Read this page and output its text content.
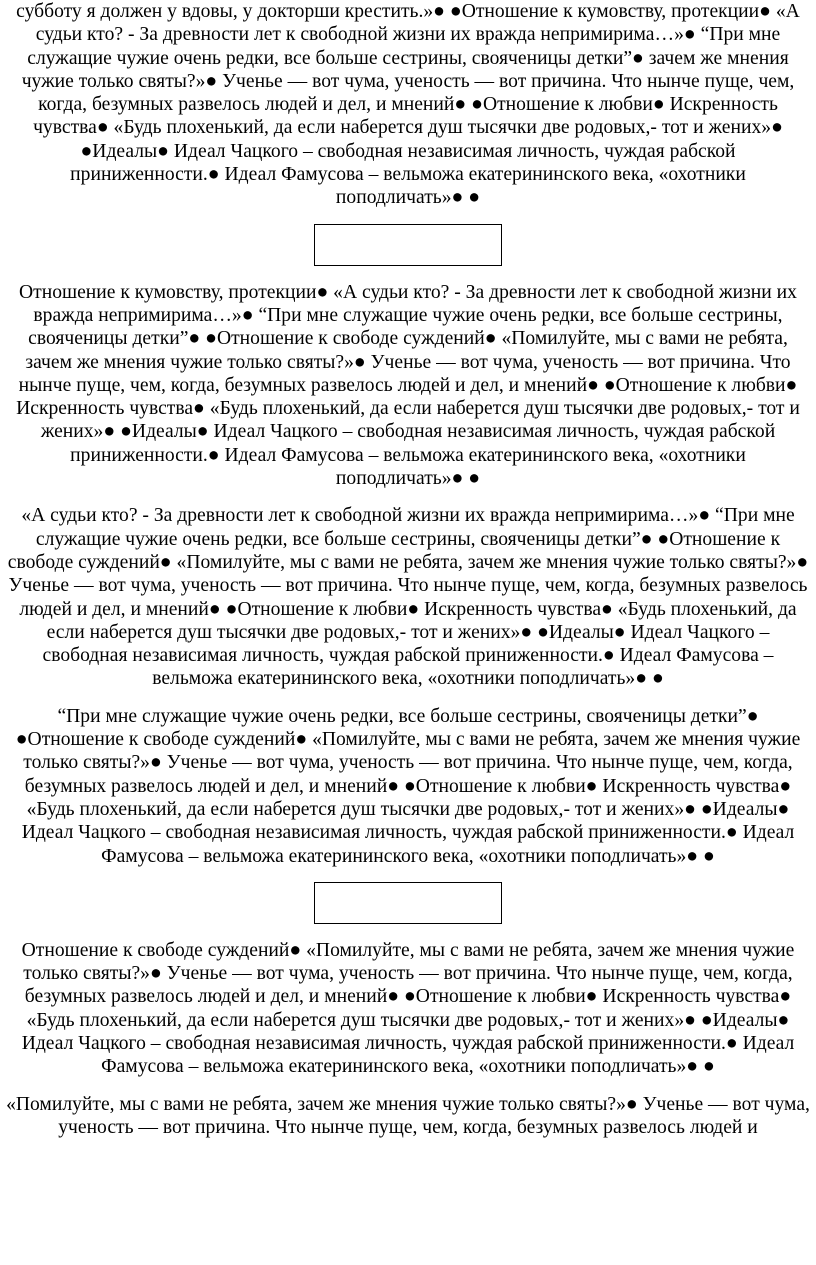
субботу я должен у вдовы, у докторши крестить.»● ●Отношение к кумовству, протекции● «А судьи кто? - За древности лет к свободной жизни их вражда непримирима…»● “При мне служащие чужие очень редки, все больше сестрины, свояченицы детки”● зачем же мнения чужие только святы?»● Ученье — вот чума, ученость — вот причина. Что нынче пуще, чем, когда, безумных развелось людей и дел, и мнений● ●Отношение к любви● Искренность чувства● «Будь плохенький, да если наберется душ тысячки две родовых,- тот и жених»● ●Идеалы● Идеал Чацкого – свободная независимая личность, чуждая рабской приниженности.● Идеал Фамусова – вельможа екатерининского века, «охотники поподличать»● ●

Отношение к кумовству, протекции● «А судьи кто? - За древности лет к свободной жизни их вражда непримирима…»● “При мне служащие чужие очень редки, все больше сестрины, свояченицы детки”● ●Отношение к свободе суждений● «Помилуйте, мы с вами не ребята, зачем же мнения чужие только святы?»● Ученье — вот чума, ученость — вот причина. Что нынче пуще, чем, когда, безумных развелось людей и дел, и мнений● ●Отношение к любви● Искренность чувства● «Будь плохенький, да если наберется душ тысячки две родовых,- тот и жених»● ●Идеалы● Идеал Чацкого – свободная независимая личность, чуждая рабской приниженности.● Идеал Фамусова – вельможа екатерининского века, «охотники поподличать»● ●

«А судьи кто? - За древности лет к свободной жизни их вражда непримирима…»● “При мне служащие чужие очень редки, все больше сестрины, свояченицы детки”● ●Отношение к свободе суждений● «Помилуйте, мы с вами не ребята, зачем же мнения чужие только святы?»● Ученье — вот чума, ученость — вот причина. Что нынче пуще, чем, когда, безумных развелось людей и дел, и мнений● ●Отношение к любви● Искренность чувства● «Будь плохенький, да если наберется душ тысячки две родовых,- тот и жених»● ●Идеалы● Идеал Чацкого – свободная независимая личность, чуждая рабской приниженности.● Идеал Фамусова – вельможа екатерининского века, «охотники поподличать»● ●

“При мне служащие чужие очень редки, все больше сестрины, свояченицы детки”● ●Отношение к свободе суждений● «Помилуйте, мы с вами не ребята, зачем же мнения чужие только святы?»● Ученье — вот чума, ученость — вот причина. Что нынче пуще, чем, когда, безумных развелось людей и дел, и мнений● ●Отношение к любви● Искренность чувства● «Будь плохенький, да если наберется душ тысячки две родовых,- тот и жених»● ●Идеалы● Идеал Чацкого – свободная независимая личность, чуждая рабской приниженности.● Идеал Фамусова – вельможа екатерининского века, «охотники поподличать»● ●

Отношение к свободе суждений● «Помилуйте, мы с вами не ребята, зачем же мнения чужие только святы?»● Ученье — вот чума, ученость — вот причина. Что нынче пуще, чем, когда, безумных развелось людей и дел, и мнений● ●Отношение к любви● Искренность чувства● «Будь плохенький, да если наберется душ тысячки две родовых,- тот и жених»● ●Идеалы● Идеал Чацкого – свободная независимая личность, чуждая рабской приниженности.● Идеал Фамусова – вельможа екатерининского века, «охотники поподличать»● ●

«Помилуйте, мы с вами не ребята, зачем же мнения чужие только святы?»● Ученье — вот чума, ученость — вот причина. Что нынче пуще, чем, когда, безумных развелось людей и
